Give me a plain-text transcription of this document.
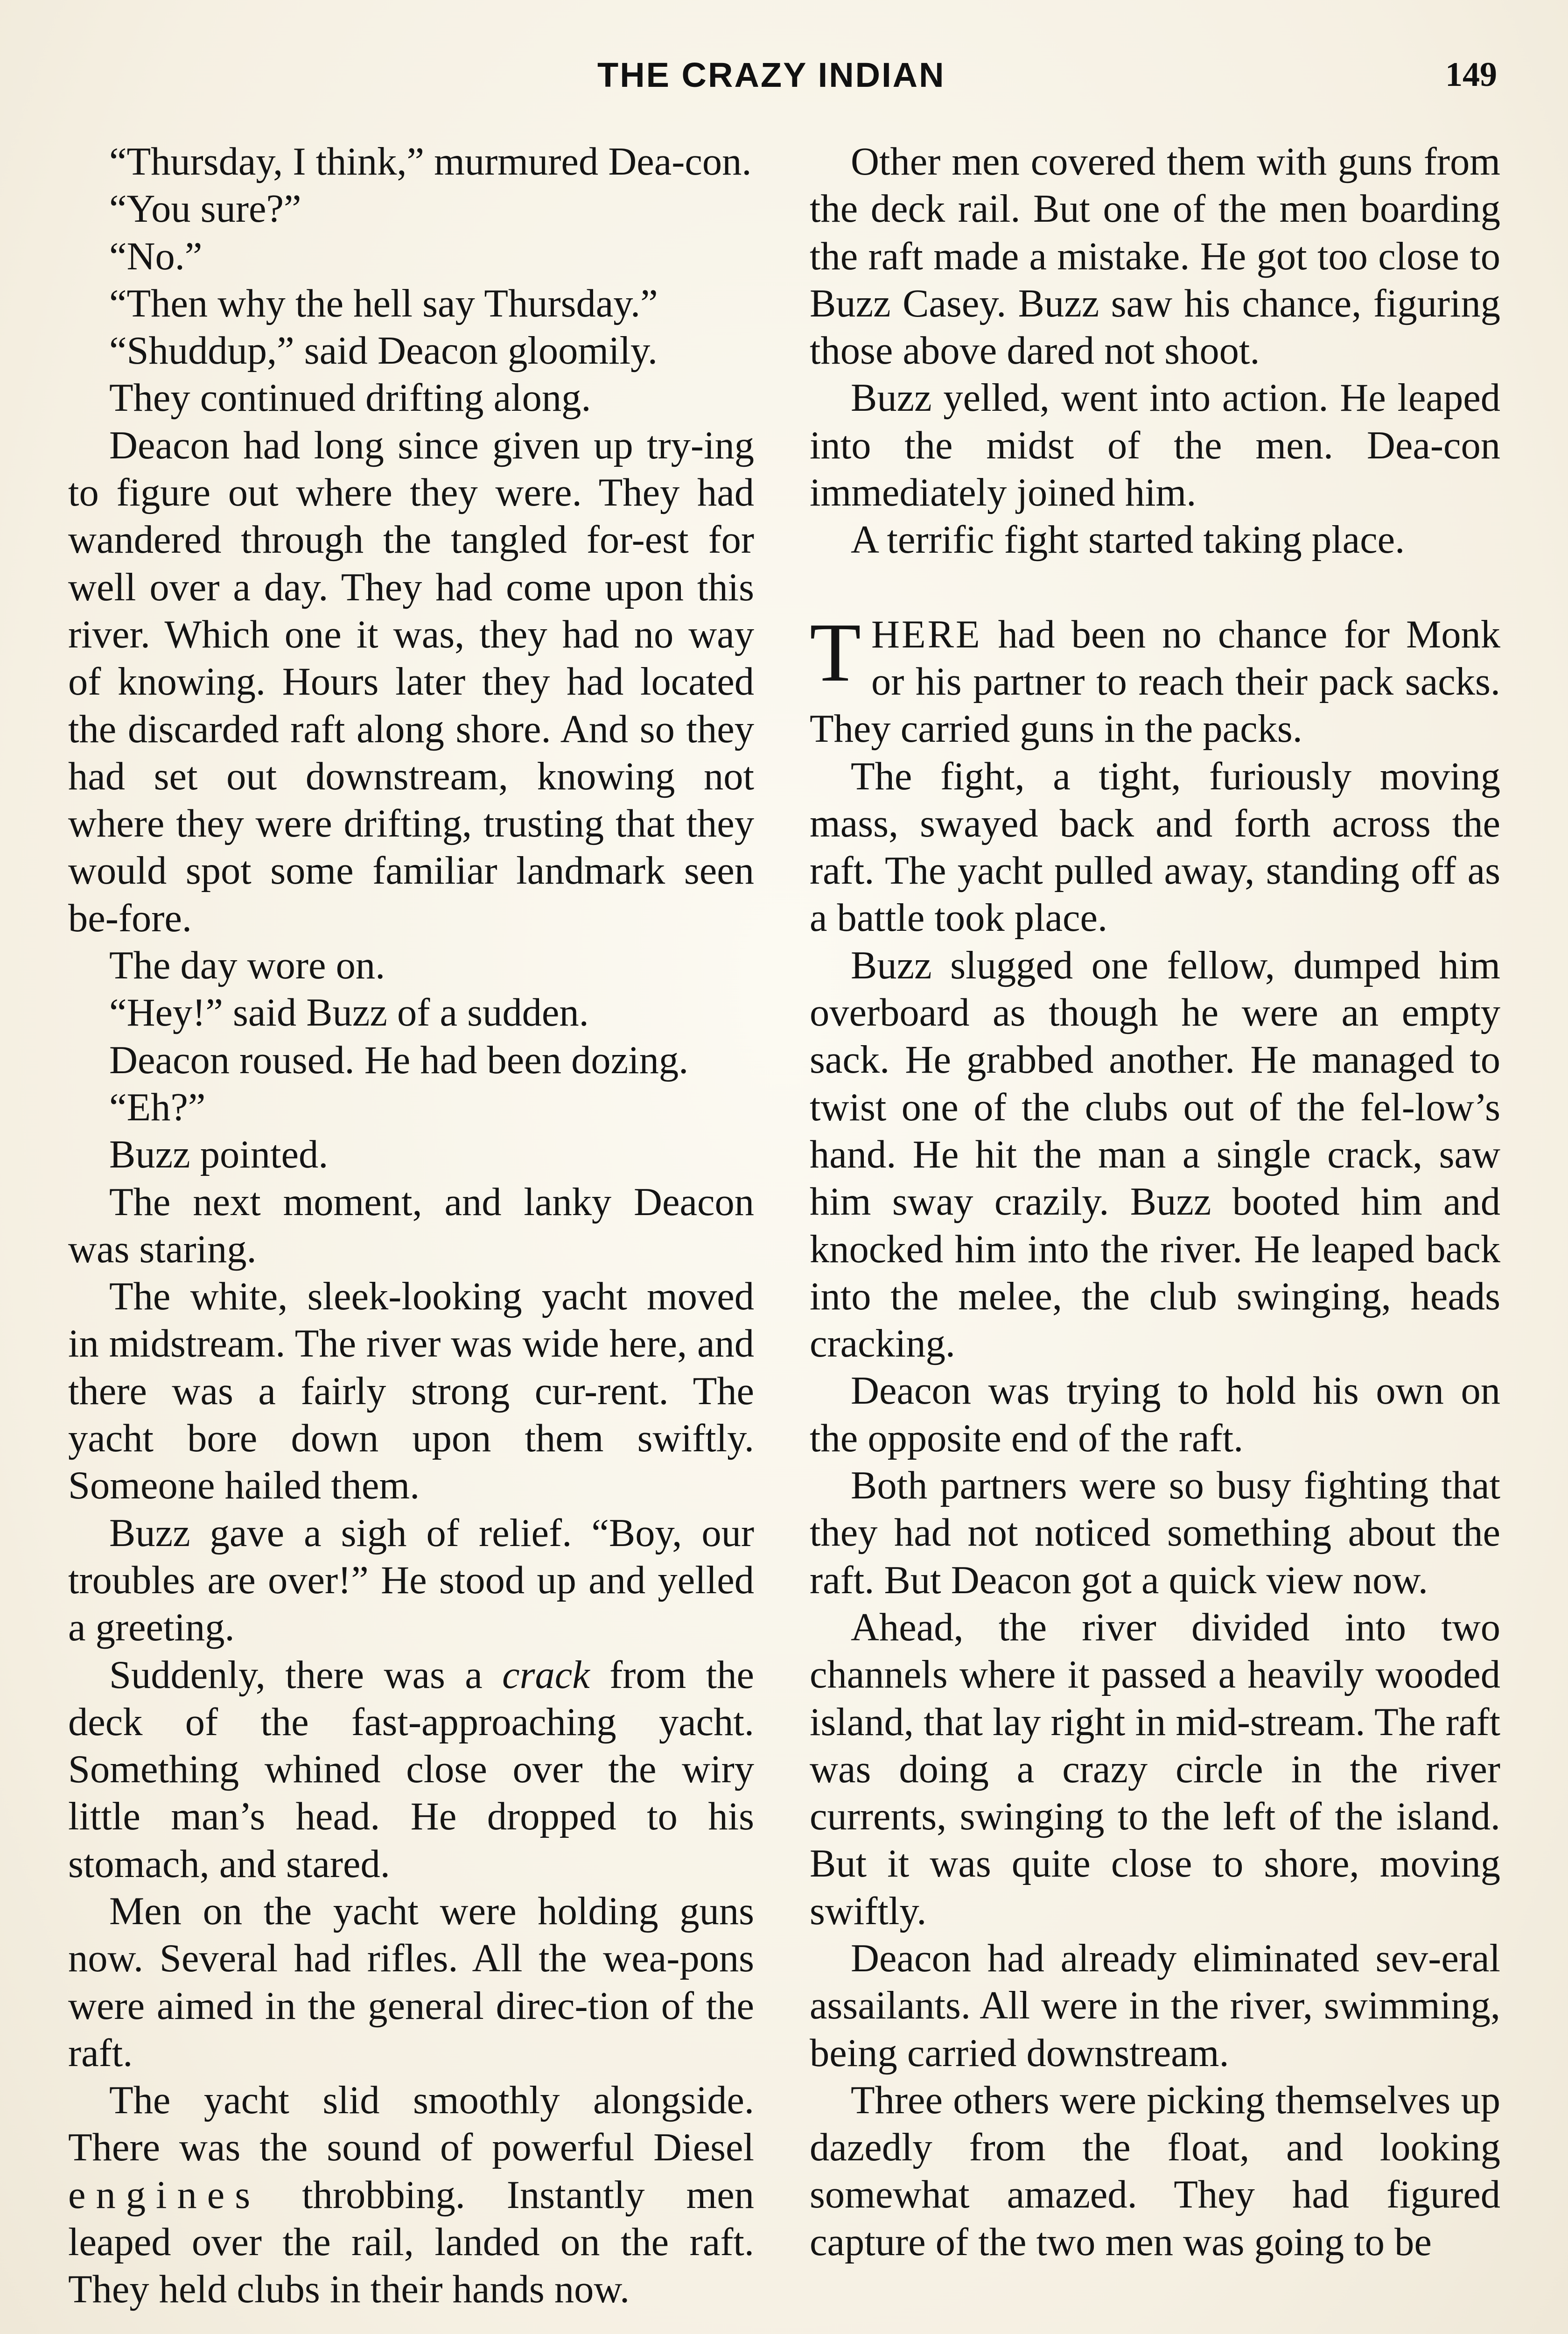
THE CRAZY INDIAN	149

“Thursday, I think,” murmured Dea-con.

“You sure?”

“No.”

“Then why the hell say Thursday.”

“Shuddup,” said Deacon gloomily.

They continued drifting along.

Deacon had long since given up try-ing to figure out where they were. They had wandered through the tangled for-est for well over a day. They had come upon this river. Which one it was, they had no way of knowing. Hours later they had located the discarded raft along shore. And so they had set out downstream, knowing not where they were drifting, trusting that they would spot some familiar landmark seen be-fore.

The day wore on.

“Hey!” said Buzz of a sudden.

Deacon roused. He had been dozing.

“Eh?”

Buzz pointed.

The next moment, and lanky Deacon was staring.

The white, sleek-looking yacht moved in midstream. The river was wide here, and there was a fairly strong cur-rent. The yacht bore down upon them swiftly. Someone hailed them.

Buzz gave a sigh of relief. “Boy, our troubles are over!” He stood up and yelled a greeting.

Suddenly, there was a crack from the deck of the fast-approaching yacht. Something whined close over the wiry little man’s head. He dropped to his stomach, and stared.

Men on the yacht were holding guns now. Several had rifles. All the wea-pons were aimed in the general direc-tion of the raft.

The yacht slid smoothly alongside. There was the sound of powerful Diesel engines throbbing. Instantly men leaped over the rail, landed on the raft. They held clubs in their hands now.

Other men covered them with guns from the deck rail. But one of the men boarding the raft made a mistake. He got too close to Buzz Casey. Buzz saw his chance, figuring those above dared not shoot.

Buzz yelled, went into action. He leaped into the midst of the men. Dea-con immediately joined him.

A terrific fight started taking place.

THERE had been no chance for Monk or his partner to reach their pack sacks. They carried guns in the packs.

The fight, a tight, furiously moving mass, swayed back and forth across the raft. The yacht pulled away, standing off as a battle took place.

Buzz slugged one fellow, dumped him overboard as though he were an empty sack. He grabbed another. He managed to twist one of the clubs out of the fel-low’s hand. He hit the man a single crack, saw him sway crazily. Buzz booted him and knocked him into the river. He leaped back into the melee, the club swinging, heads cracking.

Deacon was trying to hold his own on the opposite end of the raft.

Both partners were so busy fighting that they had not noticed something about the raft. But Deacon got a quick view now.

Ahead, the river divided into two channels where it passed a heavily wooded island, that lay right in mid-stream. The raft was doing a crazy circle in the river currents, swinging to the left of the island. But it was quite close to shore, moving swiftly.

Deacon had already eliminated sev-eral assailants. All were in the river, swimming, being carried downstream.

Three others were picking themselves up dazedly from the float, and looking somewhat amazed. They had figured capture of the two men was going to be
